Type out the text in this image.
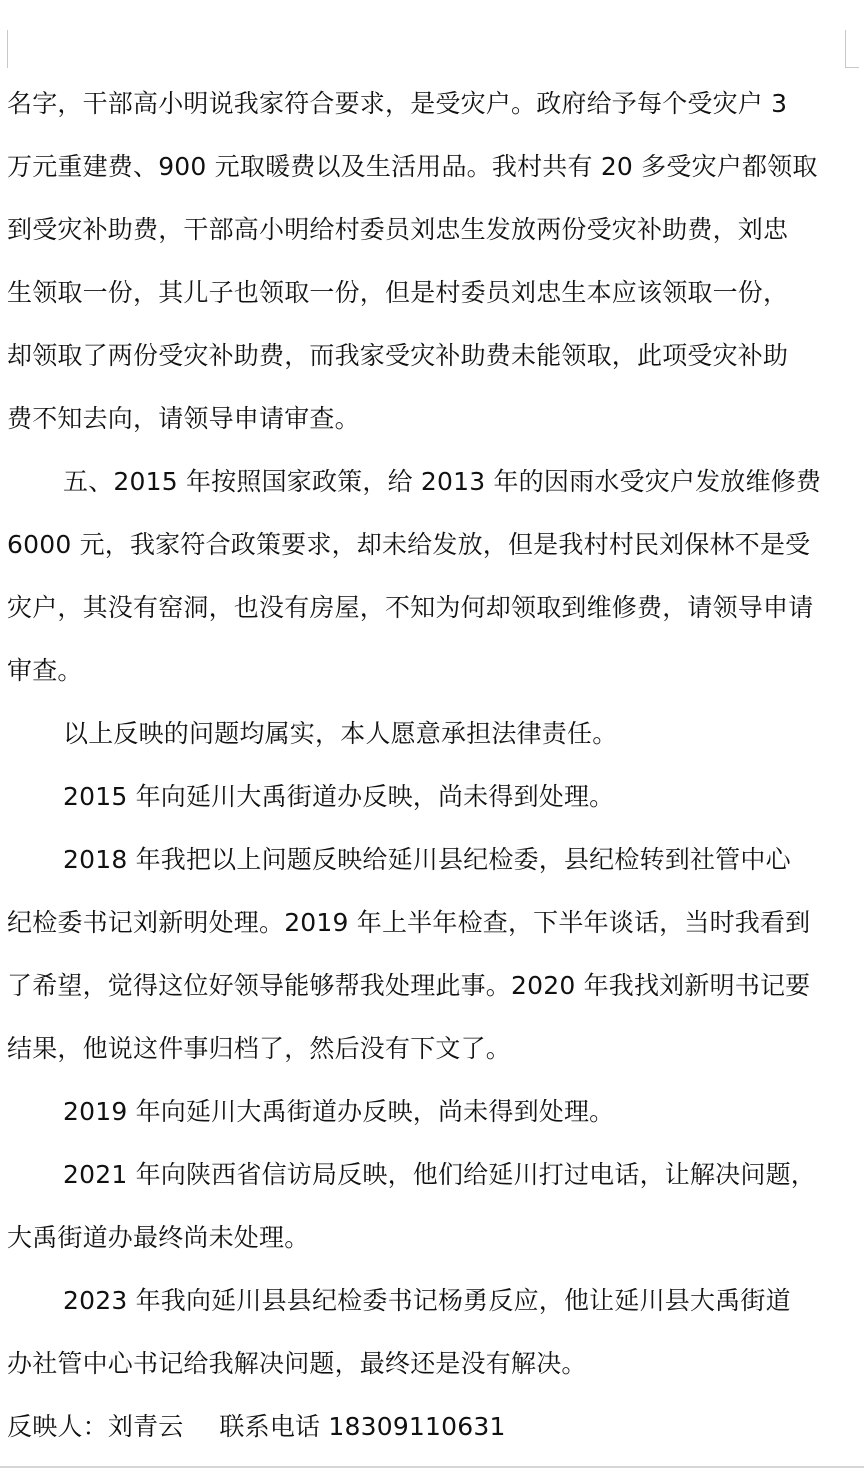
名字，干部高小明说我家符合要求，是受灾户。政府给予每个受灾户 3
万元重建费、900 元取暖费以及生活用品。我村共有 20 多受灾户都领取
到受灾补助费，干部高小明给村委员刘忠生发放两份受灾补助费，刘忠
生领取一份，其儿子也领取一份，但是村委员刘忠生本应该领取一份，
却领取了两份受灾补助费，而我家受灾补助费未能领取，此项受灾补助
费不知去向，请领导申请审查。
五、2015 年按照国家政策，给 2013 年的因雨水受灾户发放维修费
6000 元，我家符合政策要求，却未给发放，但是我村村民刘保林不是受
灾户，其没有窑洞，也没有房屋，不知为何却领取到维修费，请领导申请
审查。
以上反映的问题均属实，本人愿意承担法律责任。
2015 年向延川大禹街道办反映，尚未得到处理。
2018 年我把以上问题反映给延川县纪检委，县纪检转到社管中心
纪检委书记刘新明处理。2019 年上半年检查，下半年谈话，当时我看到
了希望，觉得这位好领导能够帮我处理此事。2020 年我找刘新明书记要
结果，他说这件事归档了，然后没有下文了。
2019 年向延川大禹街道办反映，尚未得到处理。
2021 年向陕西省信访局反映，他们给延川打过电话，让解决问题，
大禹街道办最终尚未处理。
2023 年我向延川县县纪检委书记杨勇反应，他让延川县大禹街道
办社管中心书记给我解决问题，最终还是没有解决。
反映人：刘青云 联系电话 18309110631
